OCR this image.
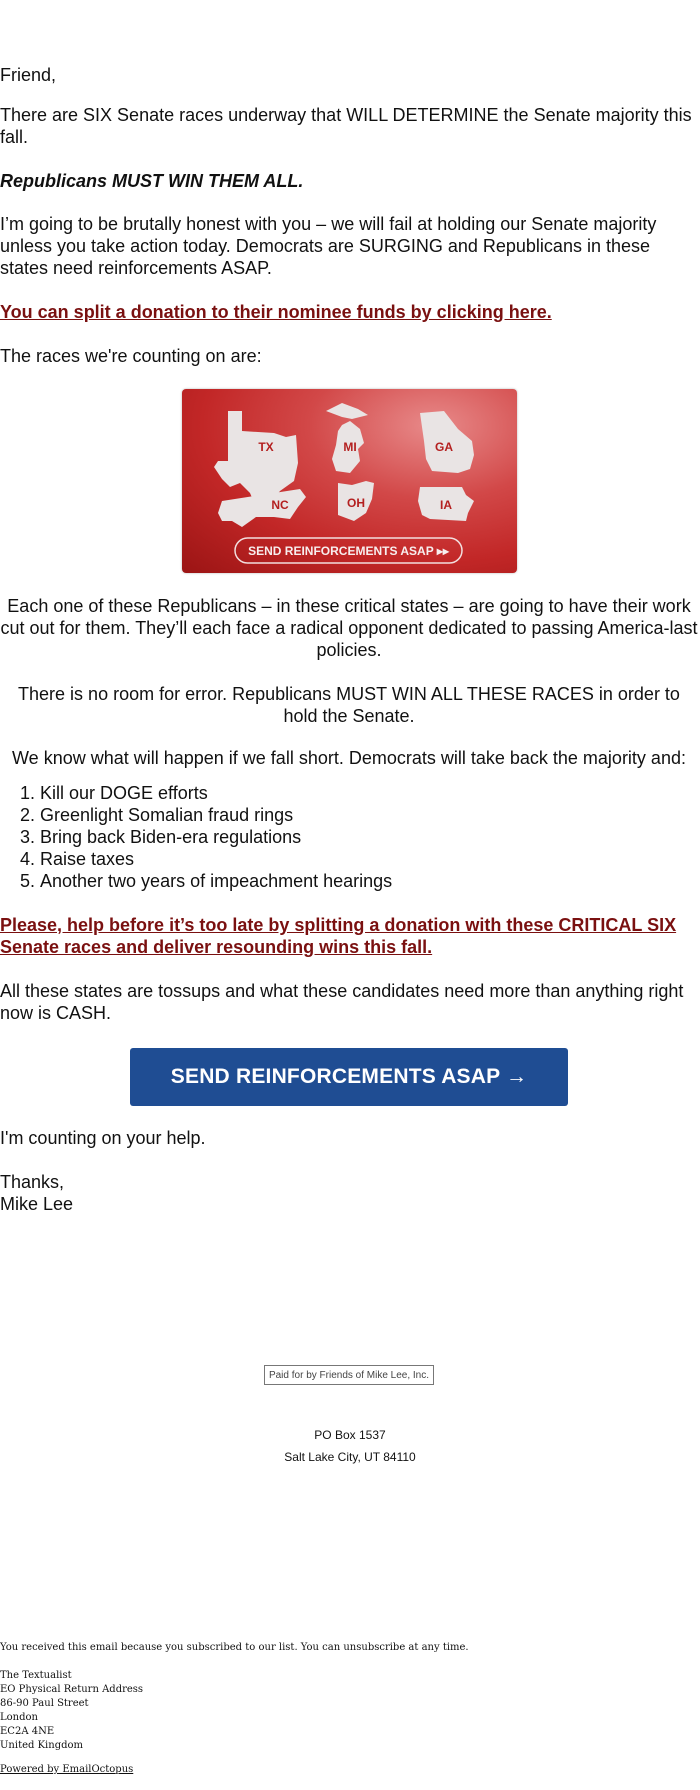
Friend,

There are SIX Senate races underway that WILL DETERMINE the Senate majority this fall.

Republicans MUST WIN THEM ALL.

I’m going to be brutally honest with you – we will fail at holding our Senate majority unless you take action today. Democrats are SURGING and Republicans in these states need reinforcements ASAP.

You can split a donation to their nominee funds by clicking here.

The races we're counting on are:

TX	MI	GA
NC	OH	IA
SEND REINFORCEMENTS ASAP ▸▸

Each one of these Republicans – in these critical states – are going to have their work cut out for them. They’ll each face a radical opponent dedicated to passing America-last policies.

There is no room for error. Republicans MUST WIN ALL THESE RACES in order to hold the Senate.

We know what will happen if we fall short. Democrats will take back the majority and:

1. Kill our DOGE efforts
2. Greenlight Somalian fraud rings
3. Bring back Biden-era regulations
4. Raise taxes
5. Another two years of impeachment hearings

Please, help before it’s too late by splitting a donation with these CRITICAL SIX Senate races and deliver resounding wins this fall.

All these states are tossups and what these candidates need more than anything right now is CASH.

SEND REINFORCEMENTS ASAP →

I'm counting on your help.

Thanks,

Mike Lee

Paid for by Friends of Mike Lee, Inc.
PO Box 1537
Salt Lake City, UT 84110
You received this email because you subscribed to our list. You can unsubscribe at any time.
The Textualist
EO Physical Return Address
86-90 Paul Street
London
EC2A 4NE
United Kingdom
Powered by EmailOctopus
